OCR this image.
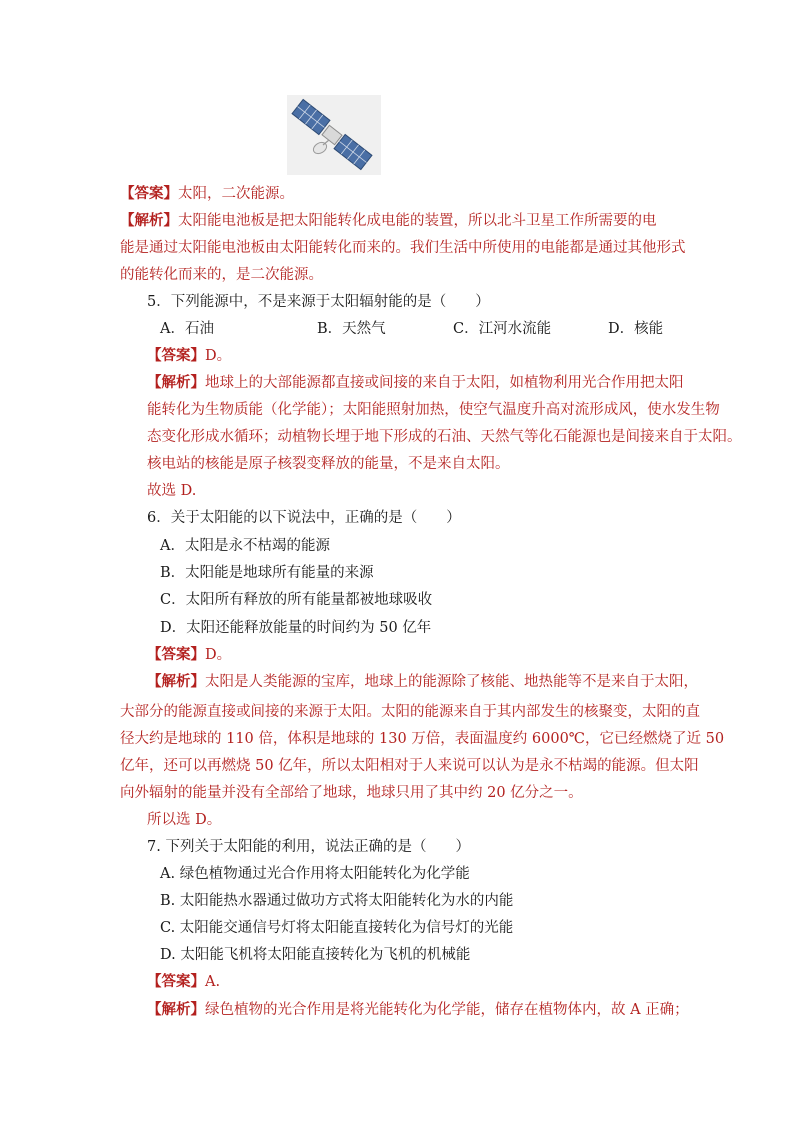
【答案】太阳，二次能源。
【解析】太阳能电池板是把太阳能转化成电能的装置，所以北斗卫星工作所需要的电
能是通过太阳能电池板由太阳能转化而来的。我们生活中所使用的电能都是通过其他形式
的能转化而来的，是二次能源。
5．下列能源中，不是来源于太阳辐射能的是（　　）
A．石油	B．天然气	C．江河水流能	D．核能
【答案】D。
【解析】地球上的大部能源都直接或间接的来自于太阳，如植物利用光合作用把太阳
能转化为生物质能（化学能）；太阳能照射加热，使空气温度升高对流形成风，使水发生物
态变化形成水循环；动植物长埋于地下形成的石油、天然气等化石能源也是间接来自于太阳。
核电站的核能是原子核裂变释放的能量，不是来自太阳。
故选 D.
6．关于太阳能的以下说法中，正确的是（　　）
A．太阳是永不枯竭的能源
B．太阳能是地球所有能量的来源
C．太阳所有释放的所有能量都被地球吸收
D．太阳还能释放能量的时间约为 50 亿年
【答案】D。
【解析】太阳是人类能源的宝库，地球上的能源除了核能、地热能等不是来自于太阳，
大部分的能源直接或间接的来源于太阳。太阳的能源来自于其内部发生的核聚变，太阳的直
径大约是地球的 110 倍，体积是地球的 130 万倍，表面温度约 6000℃，它已经燃烧了近 50
亿年，还可以再燃烧 50 亿年，所以太阳相对于人来说可以认为是永不枯竭的能源。但太阳
向外辐射的能量并没有全部给了地球，地球只用了其中约 20 亿分之一。
所以选 D。
7. 下列关于太阳能的利用，说法正确的是（　　）
A. 绿色植物通过光合作用将太阳能转化为化学能
B. 太阳能热水器通过做功方式将太阳能转化为水的内能
C. 太阳能交通信号灯将太阳能直接转化为信号灯的光能
D. 太阳能飞机将太阳能直接转化为飞机的机械能
【答案】A.
【解析】绿色植物的光合作用是将光能转化为化学能，储存在植物体内，故 A 正确；
